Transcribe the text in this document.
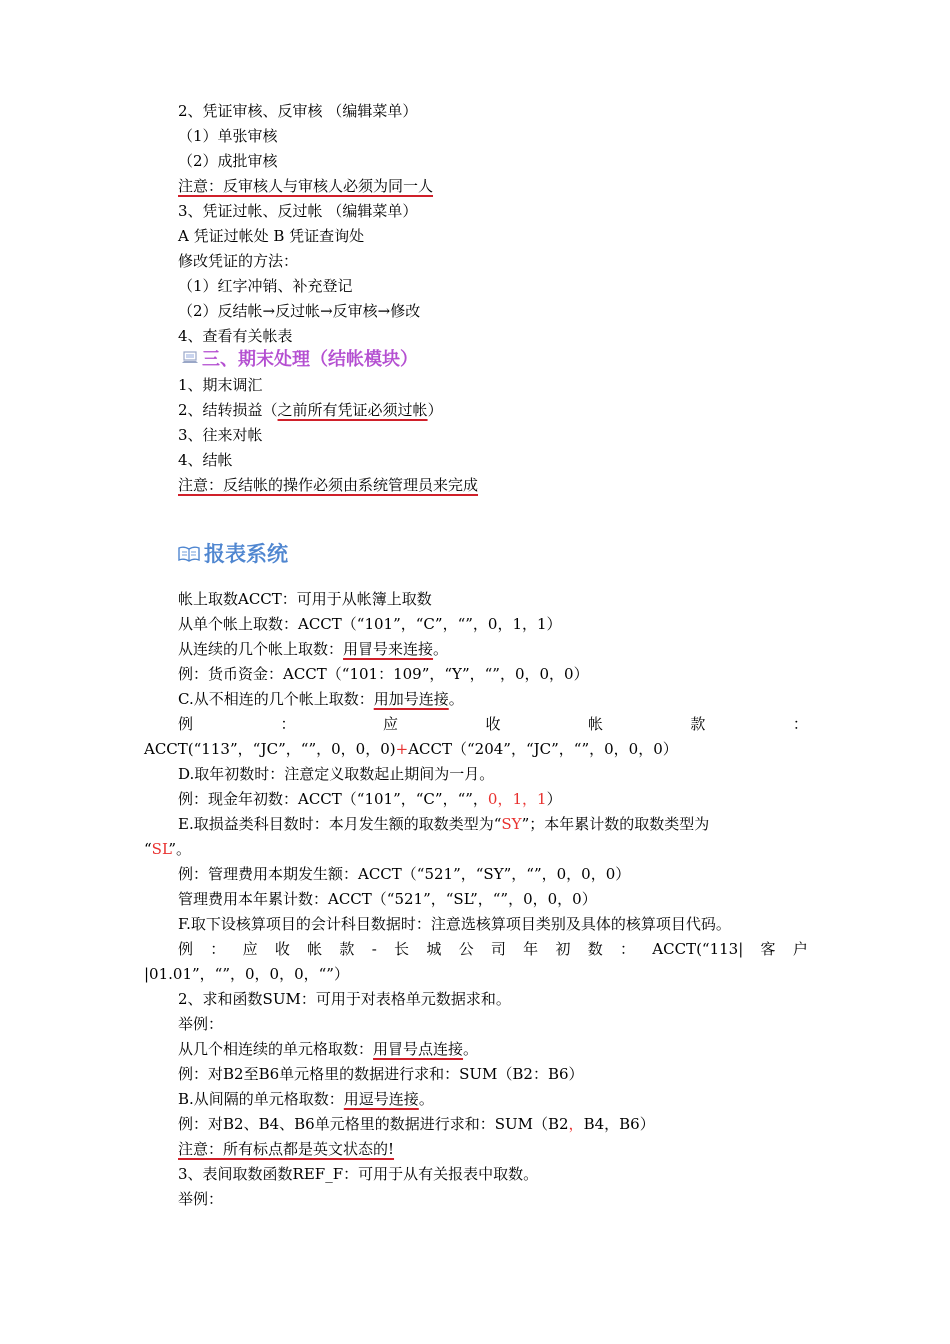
2、凭证审核、反审核 （编辑菜单）
（1）单张审核
（2）成批审核
注意：反审核人与审核人必须为同一人
3、凭证过帐、反过帐 （编辑菜单）
A 凭证过帐处 B 凭证查询处
修改凭证的方法：
（1）红字冲销、补充登记
（2）反结帐→反过帐→反审核→修改
4、查看有关帐表
三、期末处理（结帐模块）
1、期末调汇
2、结转损益（之前所有凭证必须过帐）
3、往来对帐
4、结帐
注意：反结帐的操作必须由系统管理员来完成
报表系统
帐上取数ACCT：可用于从帐簿上取数
从单个帐上取数：ACCT（“101”，“C”，“”，0，1，1）
从连续的几个帐上取数：用冒号来连接。
例：货币资金：ACCT（“101：109”，“Y”，“”，0，0，0）
C.从不相连的几个帐上取数：用加号连接。
例	：	应	收	帐	款	：
ACCT(“113”，“JC”，“”，0，0，0)+ACCT（“204”，“JC”，“”，0，0，0）
D.取年初数时：注意定义取数起止期间为一月。
例：现金年初数：ACCT（“101”，“C”，“”，0，1，1）
E.取损益类科目数时：本月发生额的取数类型为“SY”；本年累计数的取数类型为
“SL”。
例：管理费用本期发生额：ACCT（“521”，“SY”，“”，0，0，0）
管理费用本年累计数：ACCT（“521”，“SL”，“”，0，0，0）
F.取下设核算项目的会计科目数据时：注意选核算项目类别及具体的核算项目代码。
例 ： 应 收 帐 款 - 长 城 公 司 年 初 数 ： ACCT(“113| 客 户
|01.01”，“”，0，0，0，“”）
2、求和函数SUM：可用于对表格单元数据求和。
举例：
从几个相连续的单元格取数：用冒号点连接。
例：对B2至B6单元格里的数据进行求和：SUM（B2：B6）
B.从间隔的单元格取数：用逗号连接。
例：对B2、B4、B6单元格里的数据进行求和：SUM（B2，B4，B6）
注意：所有标点都是英文状态的!
3、表间取数函数REF_F：可用于从有关报表中取数。
举例：
